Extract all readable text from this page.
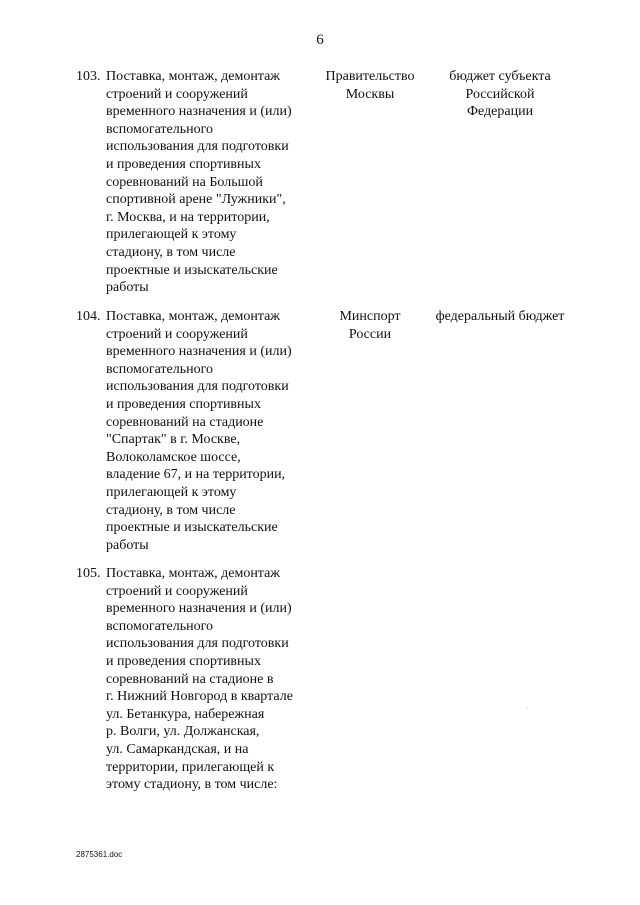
6
103. Поставка, монтаж, демонтаж
строений и сооружений
временного назначения и (или)
вспомогательного
использования для подготовки
и проведения спортивных
соревнований на Большой
спортивной арене "Лужники",
г. Москва, и на территории,
прилегающей к этому
стадиону, в том числе
проектные и изыскательские
работы
Правительство
Москвы
бюджет субъекта
Российской
Федерации
104. Поставка, монтаж, демонтаж
строений и сооружений
временного назначения и (или)
вспомогательного
использования для подготовки
и проведения спортивных
соревнований на стадионе
"Спартак" в г. Москве,
Волоколамское шоссе,
владение 67, и на территории,
прилегающей к этому
стадиону, в том числе
проектные и изыскательские
работы
Минспорт
России
федеральный бюджет
105. Поставка, монтаж, демонтаж
строений и сооружений
временного назначения и (или)
вспомогательного
использования для подготовки
и проведения спортивных
соревнований на стадионе в
г. Нижний Новгород в квартале
ул. Бетанкура, набережная
р. Волги, ул. Должанская,
ул. Самаркандская, и на
территории, прилегающей к
этому стадиону, в том числе:
2875361.doc
